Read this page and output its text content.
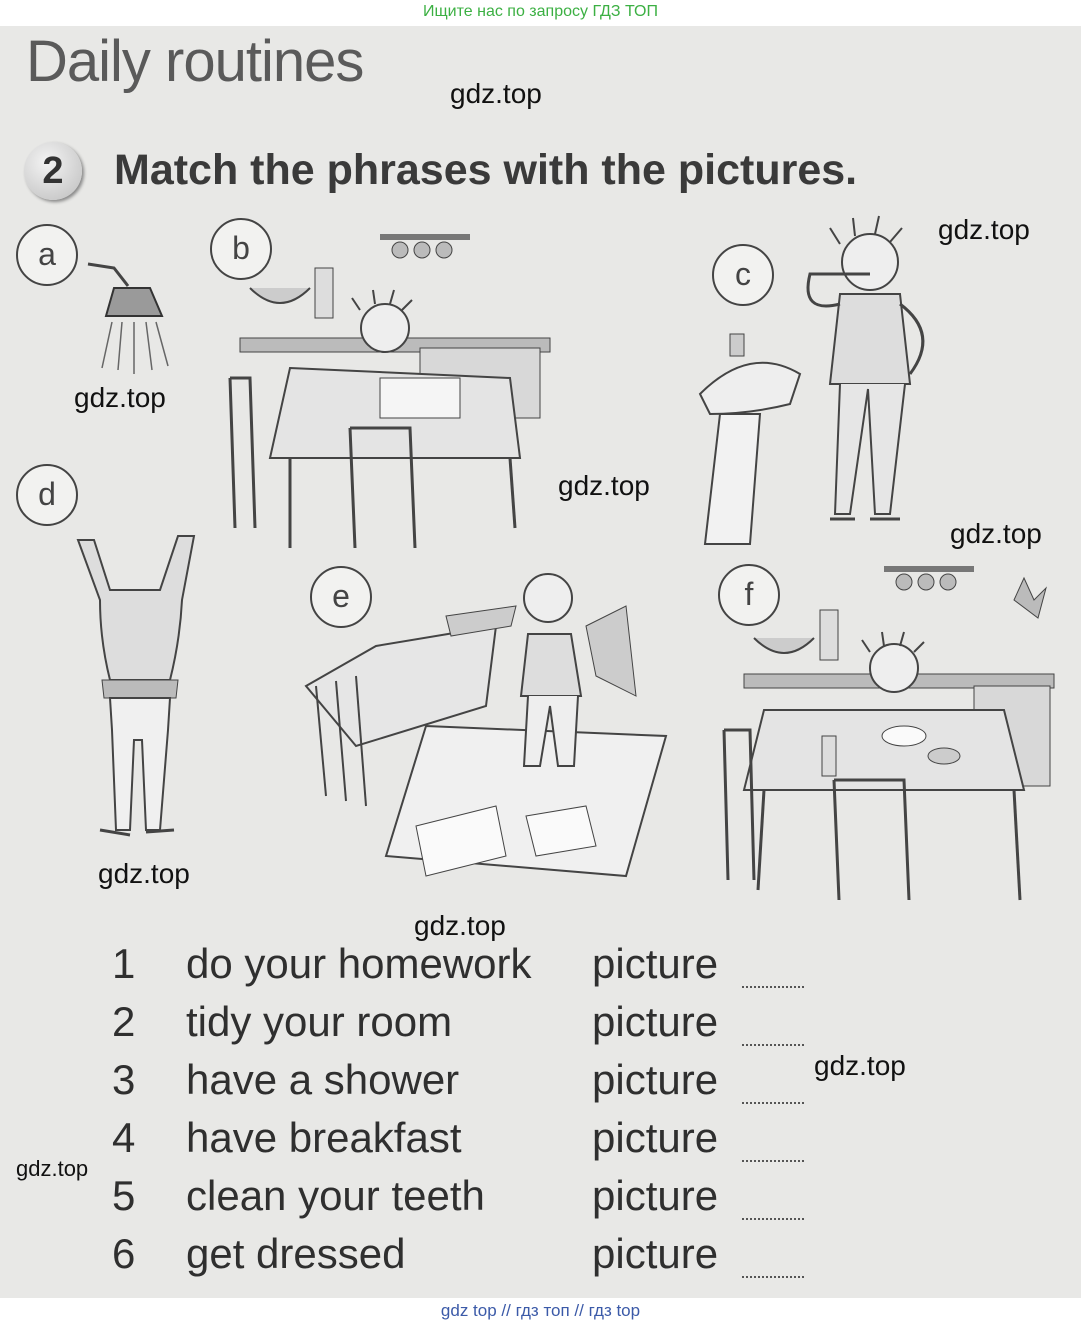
Ищите нас по запросу ГДЗ ТОП
Daily routines
2	Match the phrases with the pictures.
a	b
c
d
e	f
gdz.top
gdz.top
gdz.top
gdz.top
gdz.top
gdz.top
gdz.top
gdz.top
gdz.top
1 do your homework picture
2 tidy your room	picture
3 have a shower	picture
4 have breakfast	picture
5 clean your teeth	picture
6 get dressed	picture
gdz top // гдз топ // гдз top
